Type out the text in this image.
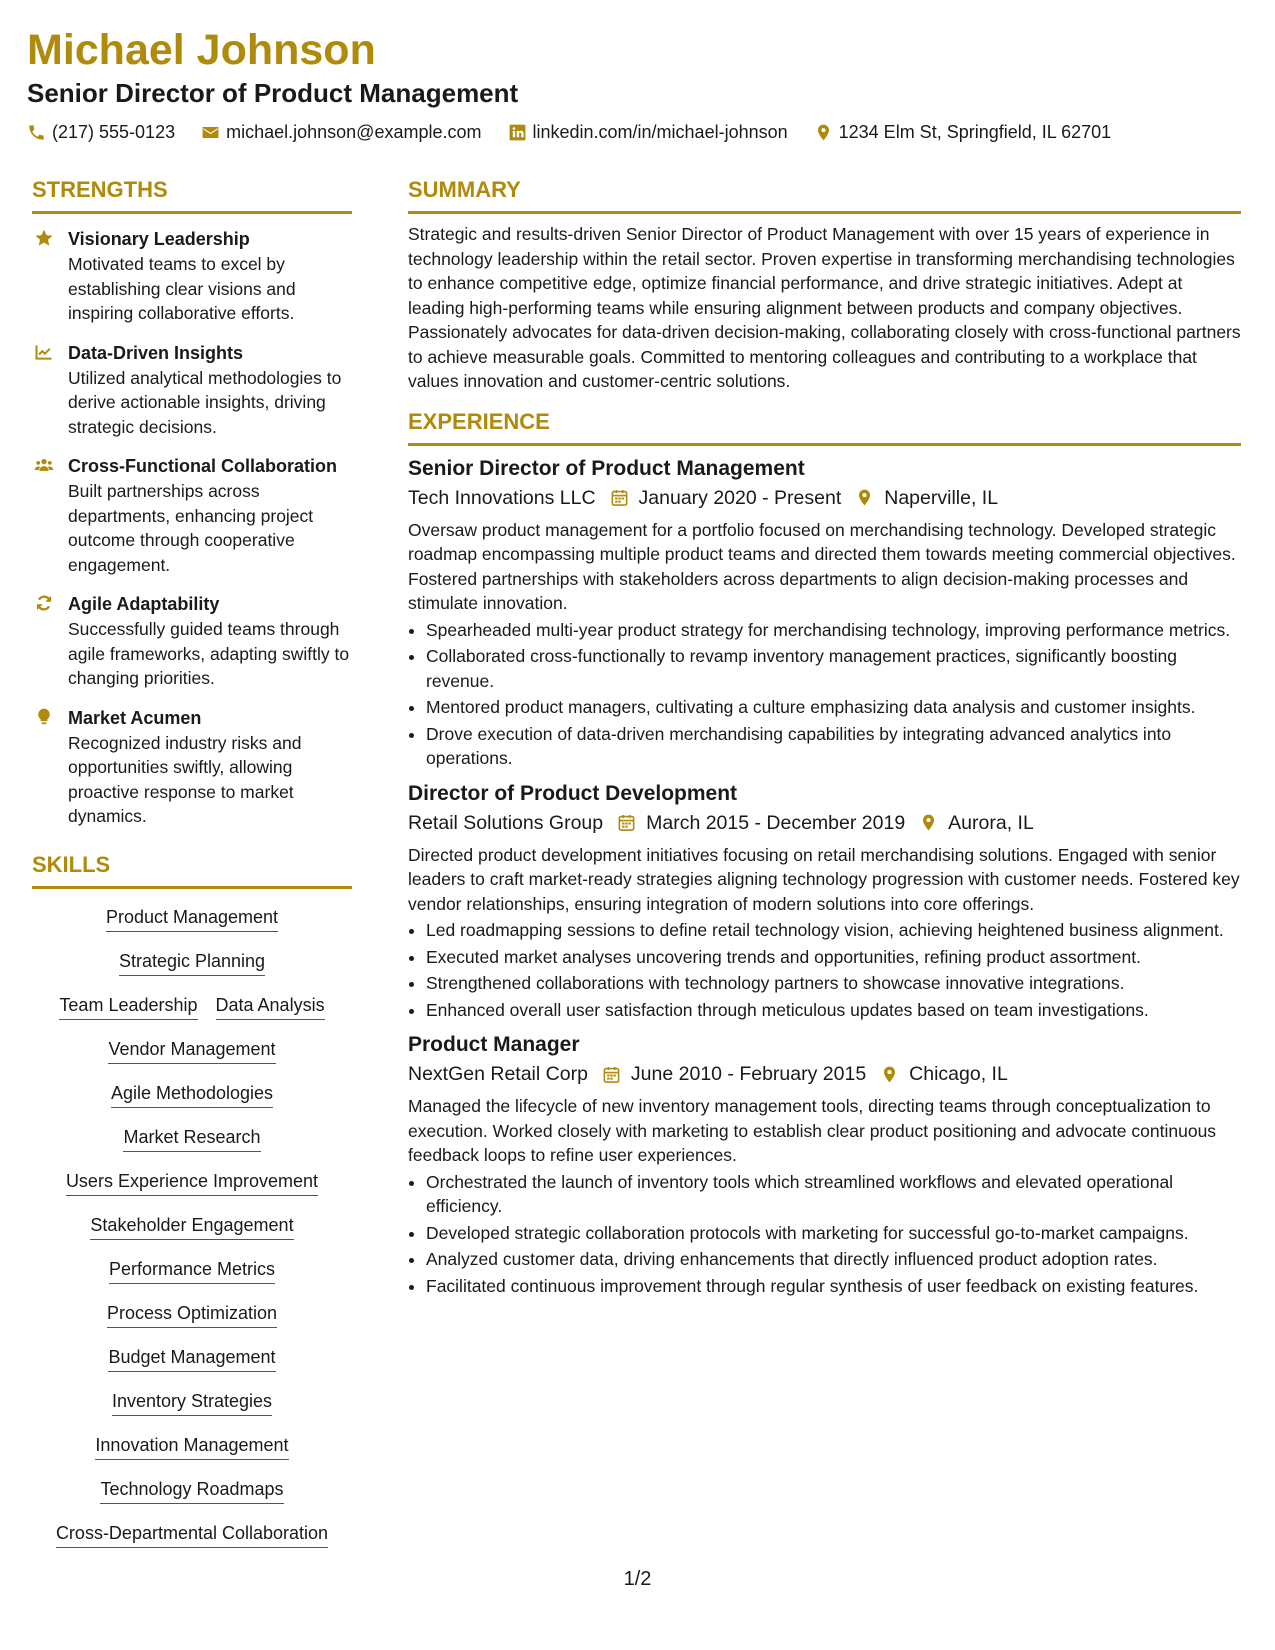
Michael Johnson
Senior Director of Product Management
(217) 555-0123	michael.johnson@example.com	linkedin.com/in/michael-johnson	1234 Elm St, Springfield, IL 62701
STRENGTHS
Visionary Leadership
Motivated teams to excel by establishing clear visions and inspiring collaborative efforts.
Data-Driven Insights
Utilized analytical methodologies to derive actionable insights, driving strategic decisions.
Cross-Functional Collaboration
Built partnerships across departments, enhancing project outcome through cooperative engagement.
Agile Adaptability
Successfully guided teams through agile frameworks, adapting swiftly to changing priorities.
Market Acumen
Recognized industry risks and opportunities swiftly, allowing proactive response to market dynamics.
SKILLS
Product Management
Strategic Planning
Team Leadership Data Analysis
Vendor Management
Agile Methodologies
Market Research
Users Experience Improvement
Stakeholder Engagement
Performance Metrics
Process Optimization
Budget Management
Inventory Strategies
Innovation Management
Technology Roadmaps
Cross-Departmental Collaboration
SUMMARY

Strategic and results-driven Senior Director of Product Management with over 15 years of experience in technology leadership within the retail sector. Proven expertise in transforming merchandising technologies to enhance competitive edge, optimize financial performance, and drive strategic initiatives. Adept at leading high-performing teams while ensuring alignment between products and company objectives. Passionately advocates for data-driven decision-making, collaborating closely with cross-functional partners to achieve measurable goals. Committed to mentoring colleagues and contributing to a workplace that values innovation and customer-centric solutions.

EXPERIENCE
Senior Director of Product Management
Tech Innovations LLC January 2020 - Present Naperville, IL
Oversaw product management for a portfolio focused on merchandising technology. Developed strategic roadmap encompassing multiple product teams and directed them towards meeting commercial objectives. Fostered partnerships with stakeholders across departments to align decision-making processes and stimulate innovation.
• Spearheaded multi-year product strategy for merchandising technology, improving performance metrics.
• Collaborated cross-functionally to revamp inventory management practices, significantly boosting revenue.
• Mentored product managers, cultivating a culture emphasizing data analysis and customer insights.
• Drove execution of data-driven merchandising capabilities by integrating advanced analytics into operations.
Director of Product Development
Retail Solutions Group March 2015 - December 2019 Aurora, IL
Directed product development initiatives focusing on retail merchandising solutions. Engaged with senior leaders to craft market-ready strategies aligning technology progression with customer needs. Fostered key vendor relationships, ensuring integration of modern solutions into core offerings.
• Led roadmapping sessions to define retail technology vision, achieving heightened business alignment.
• Executed market analyses uncovering trends and opportunities, refining product assortment.
• Strengthened collaborations with technology partners to showcase innovative integrations.
• Enhanced overall user satisfaction through meticulous updates based on team investigations.
Product Manager
NextGen Retail Corp June 2010 - February 2015 Chicago, IL
Managed the lifecycle of new inventory management tools, directing teams through conceptualization to execution. Worked closely with marketing to establish clear product positioning and advocate continuous feedback loops to refine user experiences.
• Orchestrated the launch of inventory tools which streamlined workflows and elevated operational efficiency.
• Developed strategic collaboration protocols with marketing for successful go-to-market campaigns.
• Analyzed customer data, driving enhancements that directly influenced product adoption rates.
• Facilitated continuous improvement through regular synthesis of user feedback on existing features.
1/2
